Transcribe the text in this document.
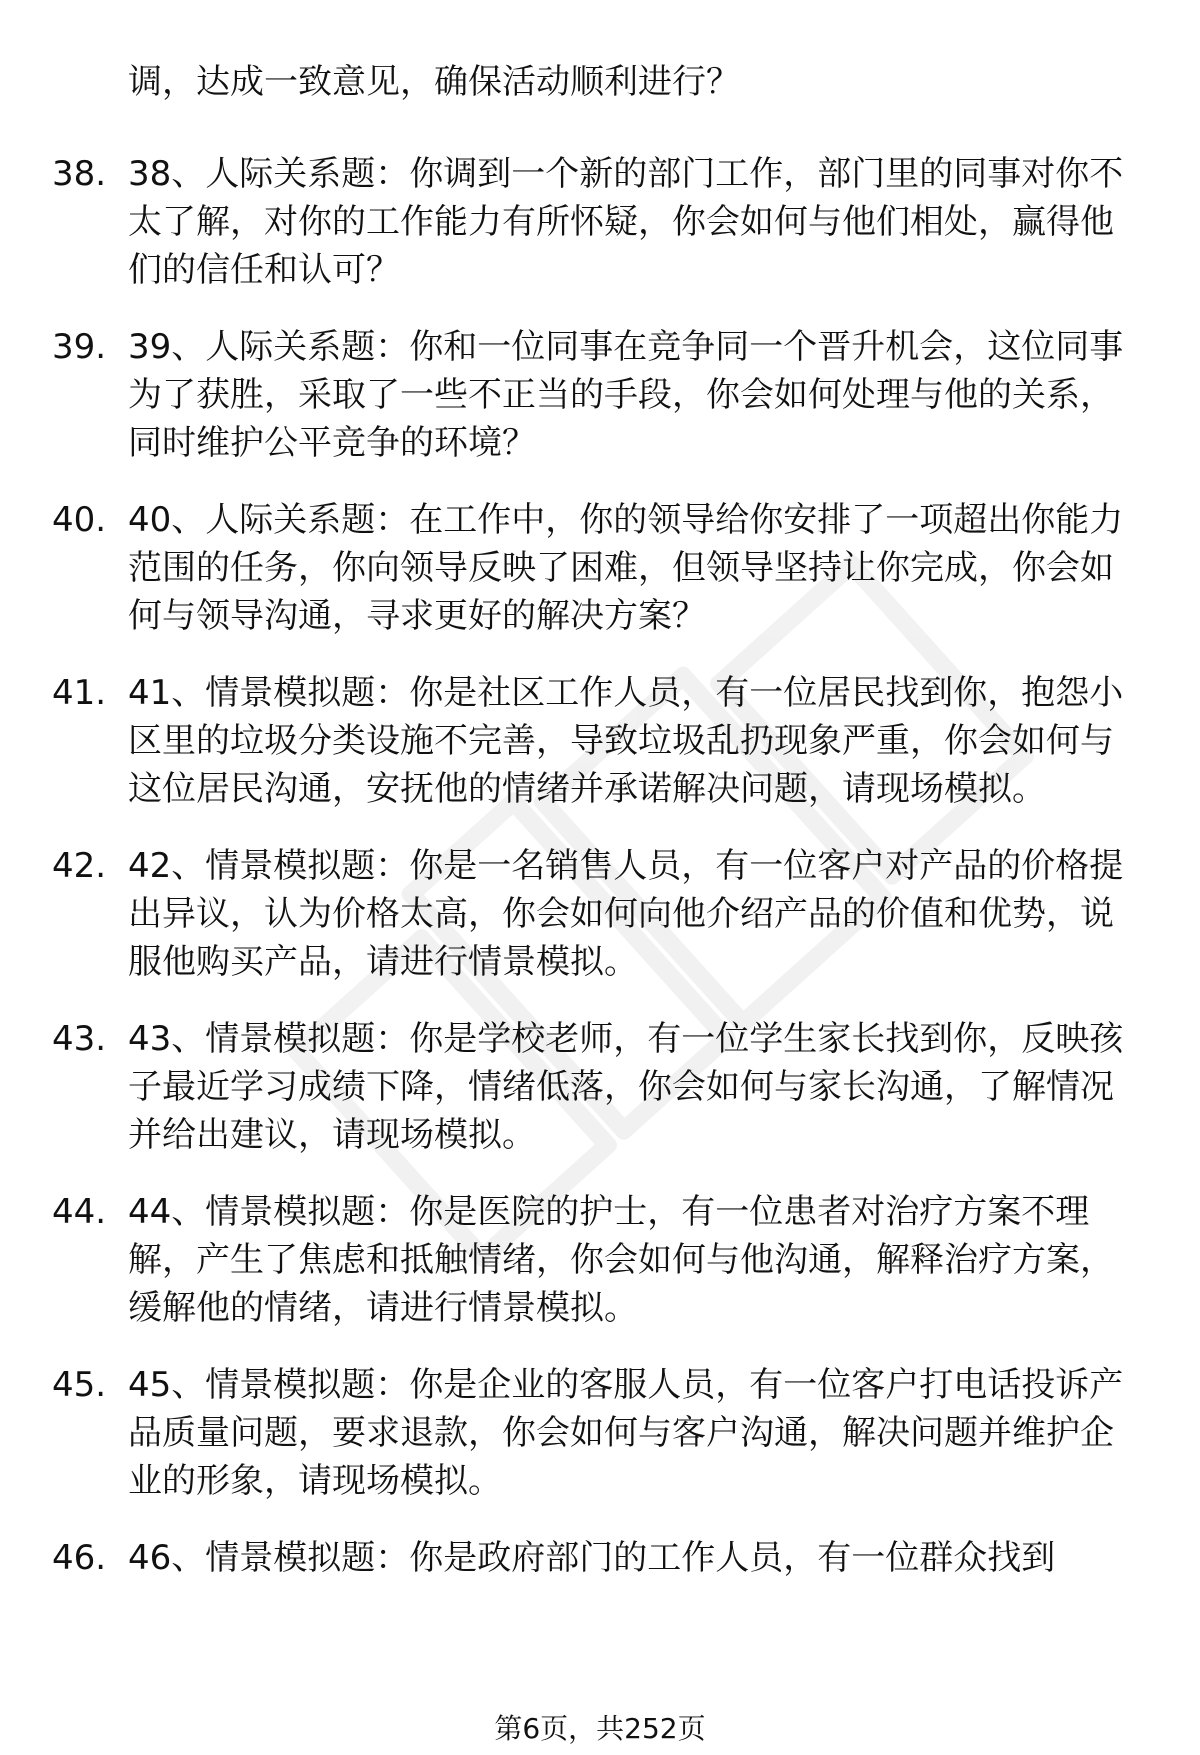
调，达成一致意见，确保活动顺利进行？
38. 38、人际关系题：你调到一个新的部门工作，部门里的同事对你不太了解，对你的工作能力有所怀疑，你会如何与他们相处，赢得他们的信任和认可？
39. 39、人际关系题：你和一位同事在竞争同一个晋升机会，这位同事为了获胜，采取了一些不正当的手段，你会如何处理与他的关系，同时维护公平竞争的环境？
40. 40、人际关系题：在工作中，你的领导给你安排了一项超出你能力范围的任务，你向领导反映了困难，但领导坚持让你完成，你会如何与领导沟通，寻求更好的解决方案？
41. 41、情景模拟题：你是社区工作人员，有一位居民找到你，抱怨小区里的垃圾分类设施不完善，导致垃圾乱扔现象严重，你会如何与这位居民沟通，安抚他的情绪并承诺解决问题，请现场模拟。
42. 42、情景模拟题：你是一名销售人员，有一位客户对产品的价格提出异议，认为价格太高，你会如何向他介绍产品的价值和优势，说服他购买产品，请进行情景模拟。
43. 43、情景模拟题：你是学校老师，有一位学生家长找到你，反映孩子最近学习成绩下降，情绪低落，你会如何与家长沟通，了解情况并给出建议，请现场模拟。
44. 44、情景模拟题：你是医院的护士，有一位患者对治疗方案不理解，产生了焦虑和抵触情绪，你会如何与他沟通，解释治疗方案，缓解他的情绪，请进行情景模拟。
45. 45、情景模拟题：你是企业的客服人员，有一位客户打电话投诉产品质量问题，要求退款，你会如何与客户沟通，解决问题并维护企业的形象，请现场模拟。
46. 46、情景模拟题：你是政府部门的工作人员，有一位群众找到
第6页，共252页
